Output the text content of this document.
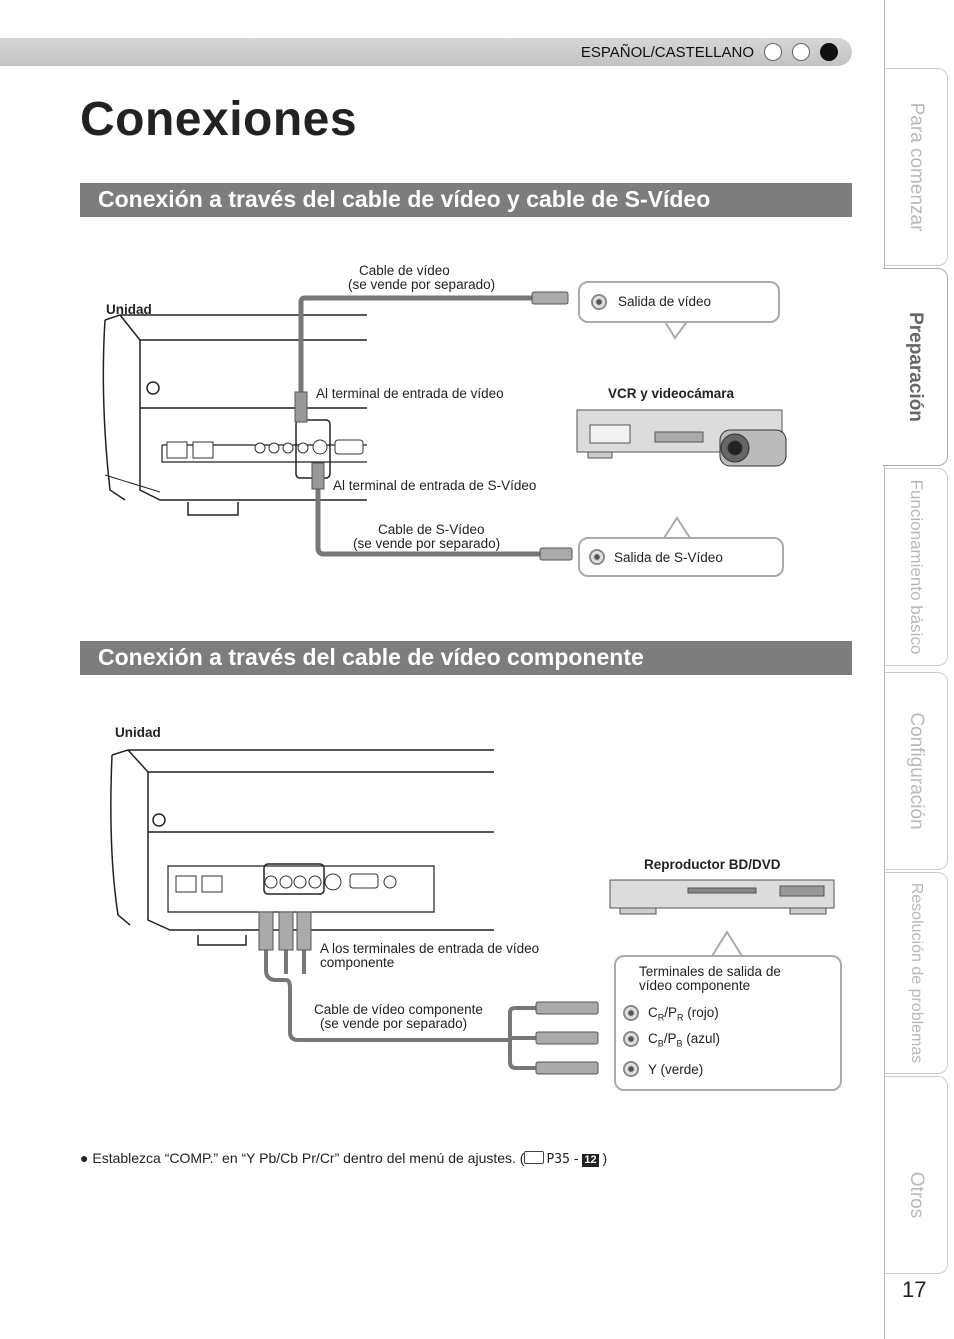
ESPAÑOL/CASTELLANO
Conexiones
Conexión a través del cable de vídeo y cable de S-Vídeo
Unidad
Cable de vídeo
(se vende por separado)
Salida de vídeo
Al terminal de entrada de vídeo	VCR y videocámara
Al terminal de entrada de S-Vídeo
Cable de S-Vídeo
(se vende por separado)
Salida de S-Vídeo
Conexión a través del cable de vídeo componente
Unidad
Reproductor BD/DVD
A los terminales de entrada de vídeo
componente
Cable de vídeo componente
(se vende por separado)
Terminales de salida de
vídeo componente
$C_R/P_R$ (rojo)
$C_B/P_B$ (azul)
Y (verde)
● Establezca “COMP.” en “Y Pb/Cb Pr/Cr” dentro del menú de ajustes. ( P35 - 12 )
Para comenzar
Preparación
Funcionamiento básico
Configuración
Resolución de problemas
Otros
17
